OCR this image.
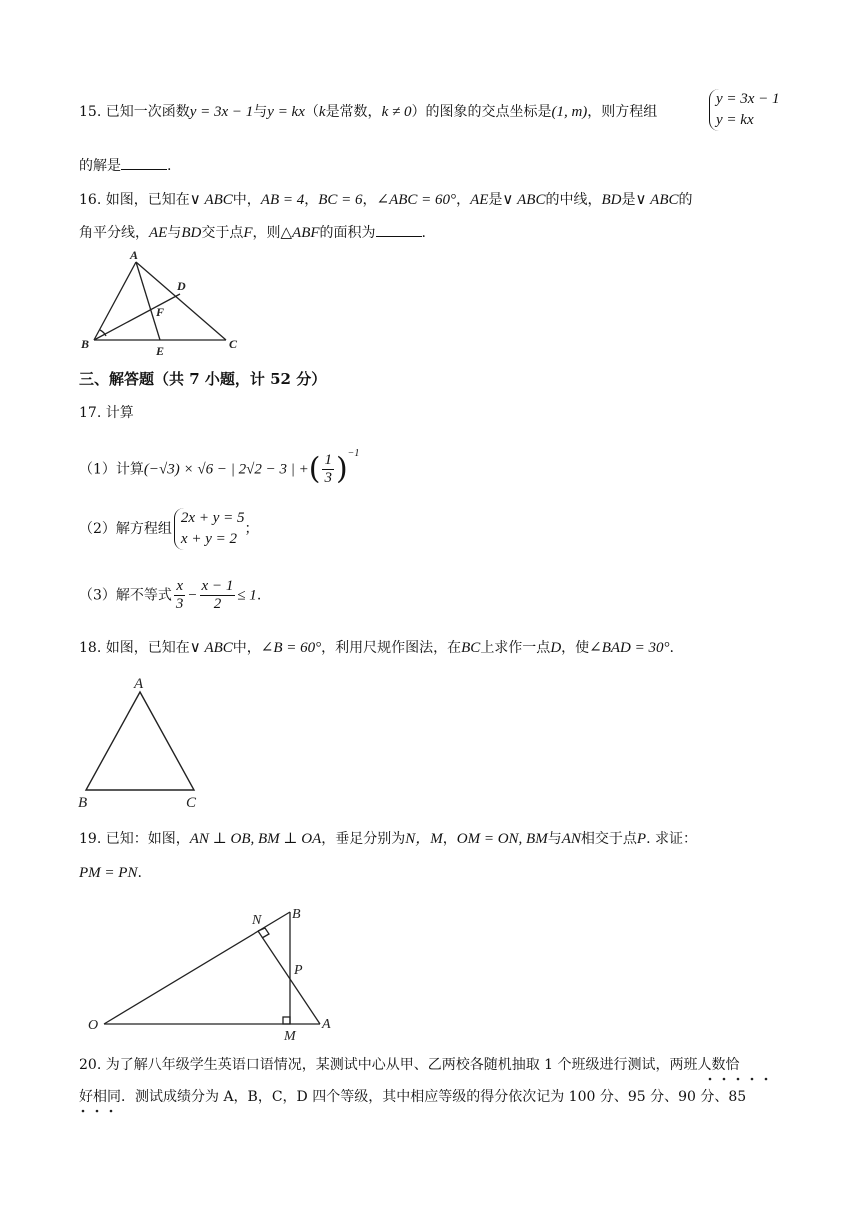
15. 已知一次函数y = 3x − 1与y = kx（k是常数，k ≠ 0）的图象的交点坐标是(1, m)，则方程组
y = 3x − 1
y = kx
的解是	.
16. 如图，已知在∨ ABC中，AB = 4，BC = 6，∠ABC = 60°，AE是∨ ABC的中线，BD是∨ ABC的
角平分线，AE与BD交于点F，则△ABF的面积为	.
A
B	C
D
E
F
三、解答题（共 7 小题，计 52 分）
17. 计算
（1）计算(−√3) × √6 − | 2√2 − 3 | +( $\frac{1}{3} )^{-1}$
（2）解方程组
2x + y = 5
x + y = 2
；
（3）解不等式 $\frac{x}{3} - \frac{x - 1}{2} \le 1$.
18. 如图，已知在∨ ABC中，∠B = 60°，利用尺规作图法，在BC上求作一点D，使∠BAD = 30°.
A
B	C
19. 已知：如图，AN ⊥ OB, BM ⊥ OA，垂足分别为N，M，OM = ON, BM与AN相交于点P. 求证：
PM = PN.
O	A
B
N
M
P
20. 为了解八年级学生英语口语情况，某测试中心从甲、乙两校各随机抽取 1 个班级进行测试，两班人数恰
好相同．测试成绩分为 A，B，C，D 四个等级，其中相应等级的得分依次记为 100 分、95 分、90 分、85
